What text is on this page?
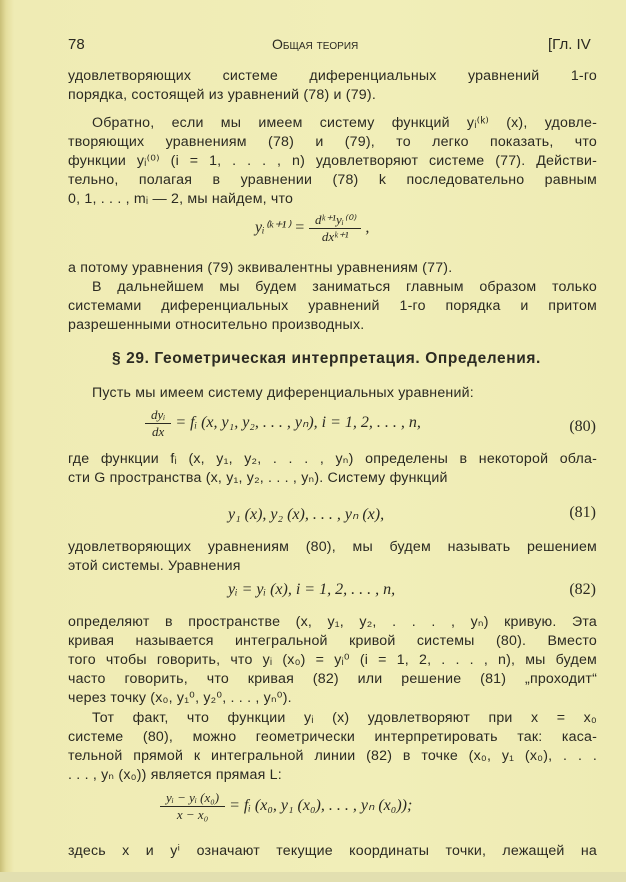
78	Общая теория	[Гл. IV
удовлетворяющих системе диференциальных уравнений 1-го
порядка, состоящей из уравнений (78) и (79).
Обратно, если мы имеем систему функций yᵢ⁽ᵏ⁾ (x), удовле-
творяющих уравнениям (78) и (79), то легко показать, что
функции yᵢ⁽⁰⁾ (i = 1, . . . , n) удовлетворяют системе (77). Действи-
тельно, полагая в уравнении (78) k последовательно равным
0, 1, . . . , mᵢ — 2, мы найдем, что
yᵢ⁽ᵏ⁺¹⁾ = $\frac{\text{dᵏ⁺¹yᵢ⁽⁰⁾}}{\text{dxᵏ⁺¹}}$ ,
а потому уравнения (79) эквивалентны уравнениям (77).
В дальнейшем мы будем заниматься главным образом только
системами диференциальных уравнений 1-го порядка и притом
разрешенными относительно производных.
§ 29. Геометрическая интерпретация. Определения.
Пусть мы имеем систему диференциальных уравнений:
$\frac{\text{dyᵢ}}{dx}$ = fᵢ (x, y₁, y₂, . . . , yₙ), i = 1, 2, . . . , n,	(80)
где функции fᵢ (x, y₁, y₂, . . . , yₙ) определены в некоторой обла-
сти G пространства (x, y₁, y₂, . . . , yₙ). Систему функций
y₁ (x), y₂ (x), . . . , yₙ (x),	(81)
удовлетворяющих уравнениям (80), мы будем называть решением
этой системы. Уравнения
yᵢ = yᵢ (x), i = 1, 2, . . . , n,	(82)
определяют в пространстве (x, y₁, y₂, . . . , yₙ) кривую. Эта
кривая называется интегральной кривой системы (80). Вместо
того чтобы говорить, что yᵢ (x₀) = yᵢ⁰ (i = 1, 2, . . . , n), мы будем
часто говорить, что кривая (82) или решение (81) „проходит“
через точку (x₀, y₁⁰, y₂⁰, . . . , yₙ⁰).
Тот факт, что функции yᵢ (x) удовлетворяют при x = x₀
системе (80), можно геометрически интерпретировать так: каса-
тельной прямой к интегральной линии (82) в точке (x₀, y₁ (x₀), . . .
. . . , yₙ (x₀)) является прямая L:
$\frac{\text{yᵢ − yᵢ (x₀)}}{\text{x − x₀}}$ = fᵢ (x₀, y₁ (x₀), . . . , yₙ (x₀));
здесь x и yⁱ означают текущие координаты точки, лежащей на
